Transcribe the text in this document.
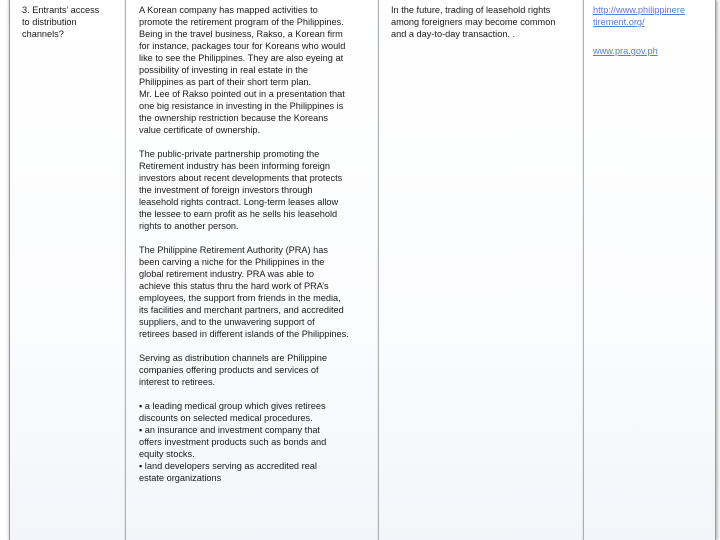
3. Entrants’ access
to distribution
channels?

A Korean company has mapped activities to
promote the retirement program of the Philippines.
Being in the travel business, Rakso, a Korean firm
for instance, packages tour for Koreans who would
like to see the Philippines. They are also eyeing at
possibility of investing in real estate in the
Philippines as part of their short term plan.
Mr. Lee of Rakso pointed out in a presentation that
one big resistance in investing in the Philippines is
the ownership restriction because the Koreans
value certificate of ownership.

The public-private partnership promoting the
Retirement industry has been informing foreign
investors about recent developments that protects
the investment of foreign investors through
leasehold rights contract. Long-term leases allow
the lessee to earn profit as he sells his leasehold
rights to another person.

The Philippine Retirement Authority (PRA) has
been carving a niche for the Philippines in the
global retirement industry. PRA was able to
achieve this status thru the hard work of PRA’s
employees, the support from friends in the media,
its facilities and merchant partners, and accredited
suppliers, and to the unwavering support of
retirees based in different islands of the Philippines.

Serving as distribution channels are Philippine
companies offering products and services of
interest to retirees.

▪ a leading medical group which gives retirees
discounts on selected medical procedures.
▪ an insurance and investment company that
offers investment products such as bonds and
equity stocks.
▪ land developers serving as accredited real
estate organizations

In the future, trading of leasehold rights
among foreigners may become common
and a day-to-day transaction. .

http://www.philippinere
tirement.org/
www.pra.gov.ph
